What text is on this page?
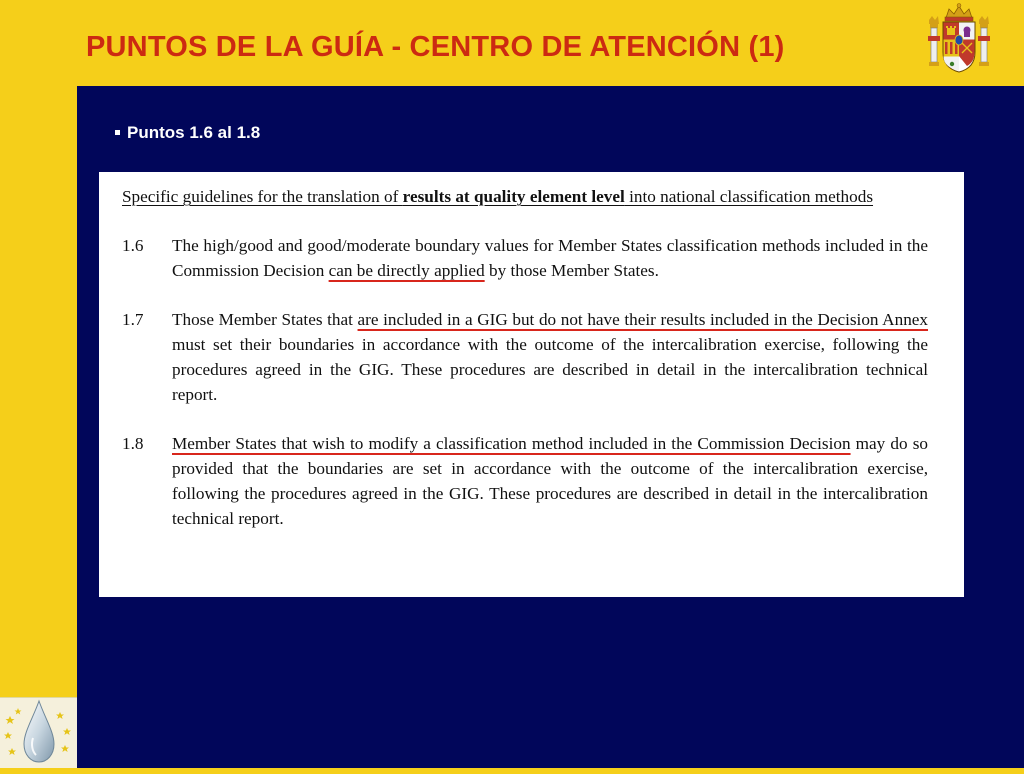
PUNTOS DE LA GUÍA - CENTRO DE ATENCIÓN (1)
Puntos 1.6 al 1.8

Specific guidelines for the translation of results at quality element level into national classification methods

1.6	The high/good and good/moderate boundary values for Member States classification methods included in the Commission Decision can be directly applied by those Member States.
1.7	Those Member States that are included in a GIG but do not have their results included in the Decision Annex must set their boundaries in accordance with the outcome of the intercalibration exercise, following the procedures agreed in the GIG. These procedures are described in detail in the intercalibration technical report.
1.8	Member States that wish to modify a classification method included in the Commission Decision may do so provided that the boundaries are set in accordance with the outcome of the intercalibration exercise, following the procedures agreed in the GIG. These procedures are described in detail in the intercalibration technical report.
